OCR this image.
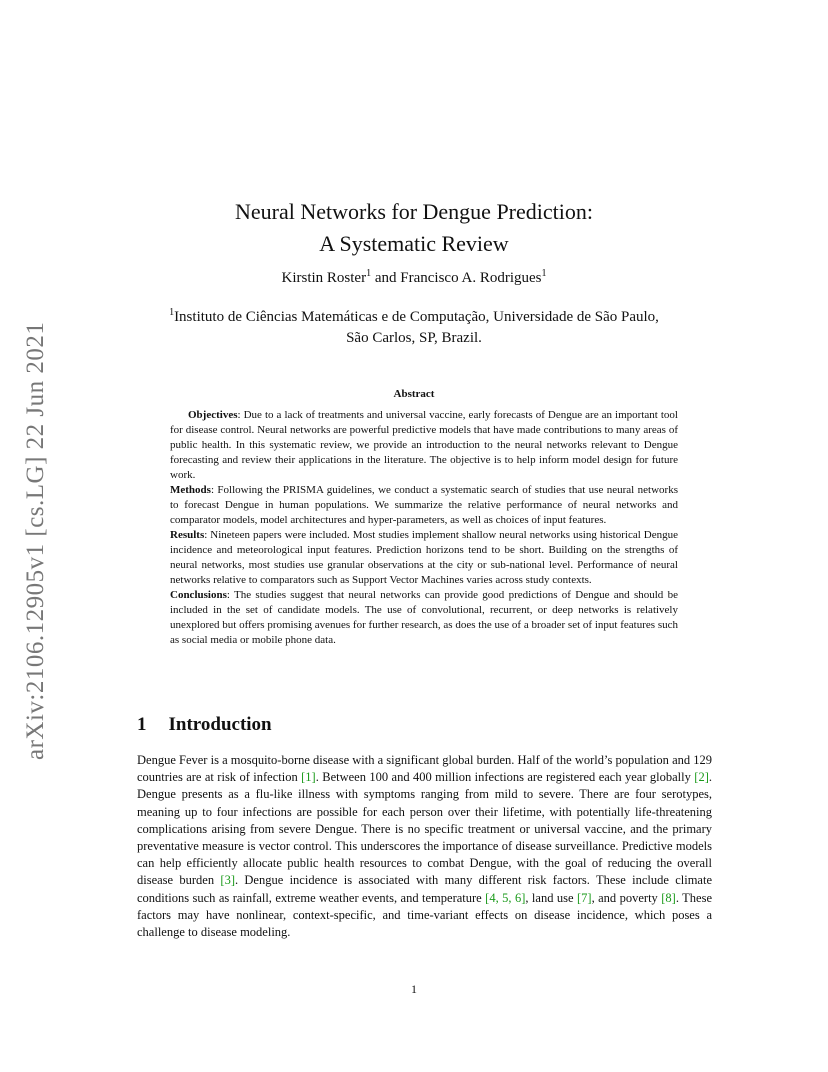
arXiv:2106.12905v1 [cs.LG] 22 Jun 2021
Neural Networks for Dengue Prediction:
A Systematic Review
Kirstin Roster$^1$ and Francisco A. Rodrigues$^1$
$^1$Instituto de Ciências Matemáticas e de Computação, Universidade de São Paulo,
São Carlos, SP, Brazil.
Abstract

Objectives: Due to a lack of treatments and universal vaccine, early forecasts of Dengue are an important tool for disease control. Neural networks are powerful predictive models that have made contributions to many areas of public health. In this systematic review, we provide an introduction to the neural networks relevant to Dengue forecasting and review their applications in the literature. The objective is to help inform model design for future work.

Methods: Following the PRISMA guidelines, we conduct a systematic search of studies that use neural networks to forecast Dengue in human populations. We summarize the relative performance of neural networks and comparator models, model architectures and hyper-parameters, as well as choices of input features.

Results: Nineteen papers were included. Most studies implement shallow neural networks using historical Dengue incidence and meteorological input features. Prediction horizons tend to be short. Building on the strengths of neural networks, most studies use granular observations at the city or sub-national level. Performance of neural networks relative to comparators such as Support Vector Machines varies across study contexts.

Conclusions: The studies suggest that neural networks can provide good predictions of Dengue and should be included in the set of candidate models. The use of convolutional, recurrent, or deep networks is relatively unexplored but offers promising avenues for further research, as does the use of a broader set of input features such as social media or mobile phone data.

1 Introduction
Dengue Fever is a mosquito-borne disease with a significant global burden. Half of the world’s population and 129 countries are at risk of infection [1]. Between 100 and 400 million infections are registered each year globally [2]. Dengue presents as a flu-like illness with symptoms ranging from mild to severe. There are four serotypes, meaning up to four infections are possible for each person over their lifetime, with potentially life-threatening complications arising from severe Dengue. There is no specific treatment or universal vaccine, and the primary preventative measure is vector control. This underscores the importance of disease surveillance. Predictive models can help efficiently allocate public health resources to combat Dengue, with the goal of reducing the overall disease burden [3]. Dengue incidence is associated with many different risk factors. These include climate conditions such as rainfall, extreme weather events, and temperature [4, 5, 6], land use [7], and poverty [8]. These factors may have nonlinear, context-specific, and time-variant effects on disease incidence, which poses a challenge to disease modeling.
1
